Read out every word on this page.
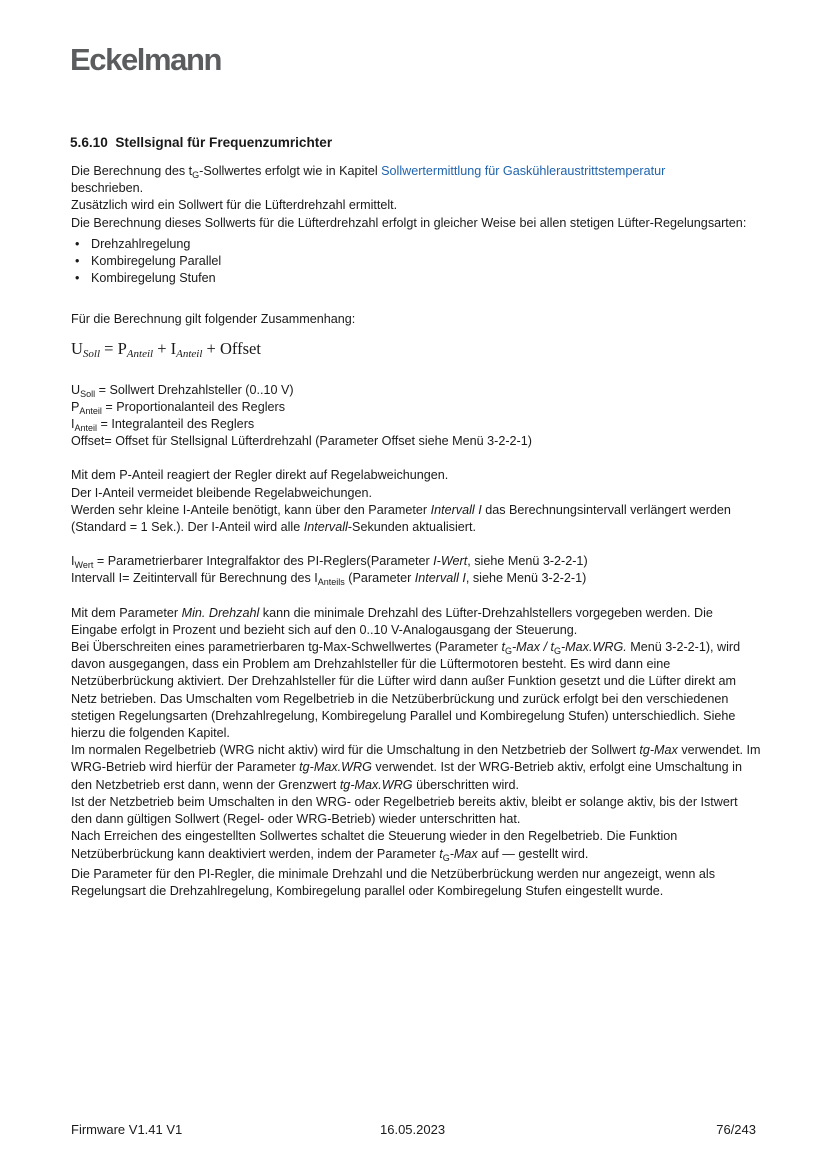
Eckelmann
5.6.10 Stellsignal für Frequenzumrichter

Die Berechnung des $t_G$-Sollwertes erfolgt wie in Kapitel Sollwertermittlung für Gaskühleraustrittstemperatur
beschrieben.

Zusätzlich wird ein Sollwert für die Lüfterdrehzahl ermittelt.

Die Berechnung dieses Sollwerts für die Lüfterdrehzahl erfolgt in gleicher Weise bei allen stetigen Lüfter-Regelungsarten:

• Drehzahlregelung
• Kombiregelung Parallel
• Kombiregelung Stufen

Für die Berechnung gilt folgender Zusammenhang:

USoll = PAnteil + IAnteil + Offset

$U_{Soll}$ = Sollwert Drehzahlsteller (0..10 V)

$P_{Anteil}$ = Proportionalanteil des Reglers

$I_{Anteil}$ = Integralanteil des Reglers

Offset= Offset für Stellsignal Lüfterdrehzahl (Parameter Offset siehe Menü 3-2-2-1)

Mit dem P-Anteil reagiert der Regler direkt auf Regelabweichungen.

Der I-Anteil vermeidet bleibende Regelabweichungen.

Werden sehr kleine I-Anteile benötigt, kann über den Parameter Intervall I das Berechnungsintervall verlängert werden (Standard = 1 Sek.). Der I-Anteil wird alle Intervall-Sekunden aktualisiert.

$I_{Wert}$ = Parametrierbarer Integralfaktor des PI-Reglers(Parameter I-Wert, siehe Menü 3-2-2-1)

Intervall I= Zeitintervall für Berechnung des $I_{Anteils}$ (Parameter Intervall I, siehe Menü 3-2-2-1)

Mit dem Parameter Min. Drehzahl kann die minimale Drehzahl des Lüfter-Drehzahlstellers vorgegeben werden. Die Eingabe erfolgt in Prozent und bezieht sich auf den 0..10 V-Analogausgang der Steuerung.

Bei Überschreiten eines parametrierbaren tg-Max-Schwellwertes (Parameter $t_G$-Max / $t_G-Max.WRG$. Menü 3-2-2-1), wird davon ausgegangen, dass ein Problem am Drehzahlsteller für die Lüftermotoren besteht. Es wird dann eine Netzüberbrückung aktiviert. Der Drehzahlsteller für die Lüfter wird dann außer Funktion gesetzt und die Lüfter direkt am Netz betrieben. Das Umschalten vom Regelbetrieb in die Netzüberbrückung und zurück erfolgt bei den verschiedenen stetigen Regelungsarten (Drehzahlregelung, Kombiregelung Parallel und Kombiregelung Stufen) unterschiedlich. Siehe hierzu die folgenden Kapitel.

Im normalen Regelbetrieb (WRG nicht aktiv) wird für die Umschaltung in den Netzbetrieb der Sollwert tg-Max verwendet. Im WRG-Betrieb wird hierfür der Parameter tg-Max.WRG verwendet. Ist der WRG-Betrieb aktiv, erfolgt eine Umschaltung in den Netzbetrieb erst dann, wenn der Grenzwert tg-Max.WRG überschritten wird.

Ist der Netzbetrieb beim Umschalten in den WRG- oder Regelbetrieb bereits aktiv, bleibt er solange aktiv, bis der Istwert den dann gültigen Sollwert (Regel- oder WRG-Betrieb) wieder unterschritten hat.

Nach Erreichen des eingestellten Sollwertes schaltet die Steuerung wieder in den Regelbetrieb. Die Funktion Netzüberbrückung kann deaktiviert werden, indem der Parameter $t_G$-Max auf — gestellt wird.

Die Parameter für den PI-Regler, die minimale Drehzahl und die Netzüberbrückung werden nur angezeigt, wenn als Regelungsart die Drehzahlregelung, Kombiregelung parallel oder Kombiregelung Stufen eingestellt wurde.

Firmware V1.41 V1	16.05.2023	76/243
